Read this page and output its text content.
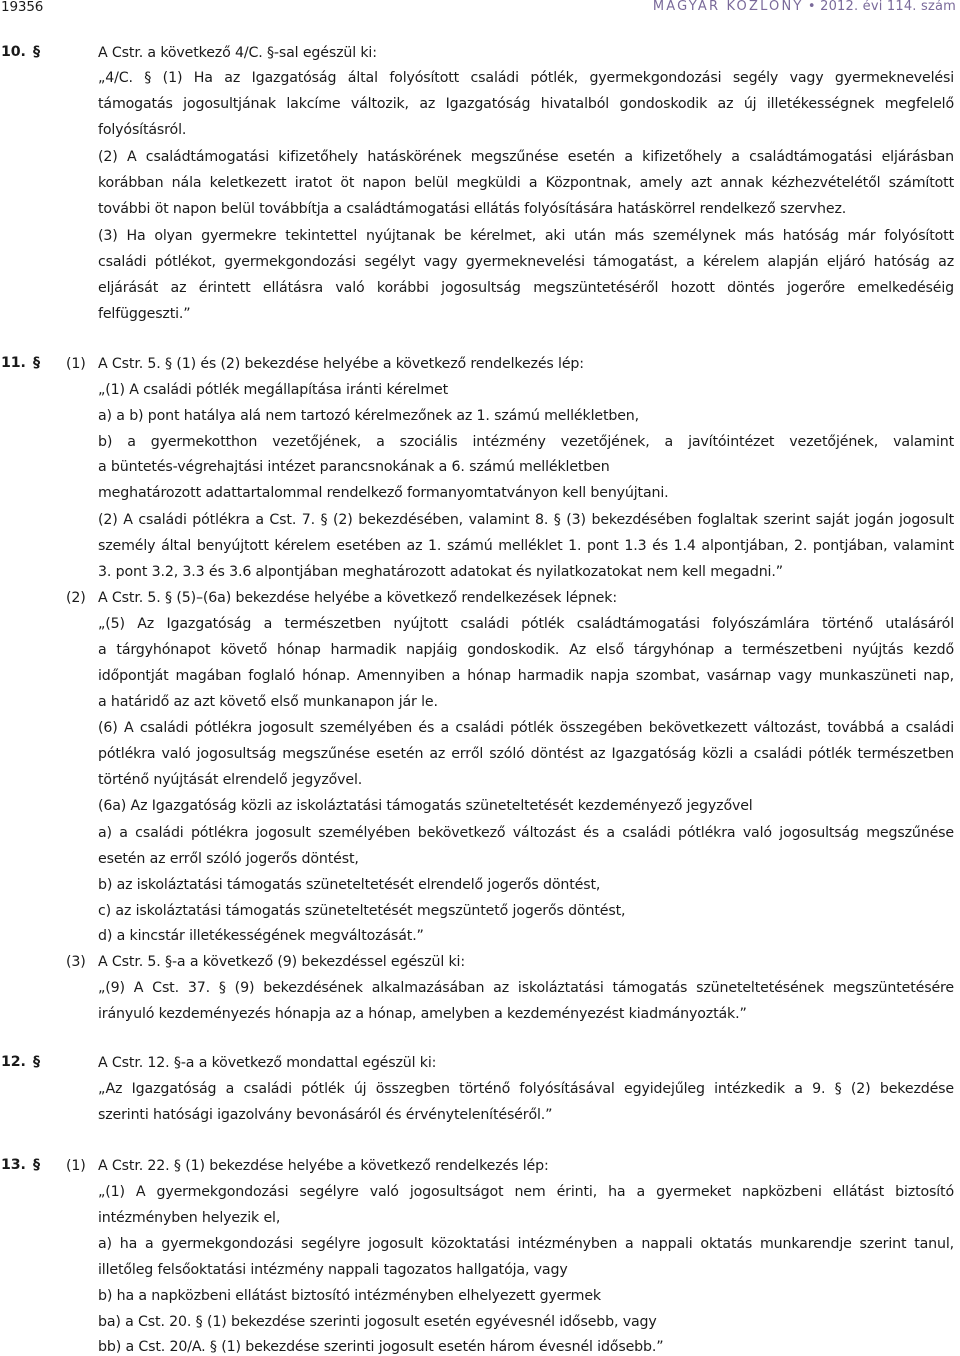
19356	MAGYAR KÖZLÖNY • 2012. évi 114. szám
10. §	A Cstr. a következő 4/C. §-sal egészül ki:
„4/C. § (1) Ha az Igazgatóság által folyósított családi pótlék, gyermekgondozási segély vagy gyermeknevelési
támogatás jogosultjának lakcíme változik, az Igazgatóság hivatalból gondoskodik az új illetékességnek megfelelő
folyósításról.
(2) A családtámogatási kifizetőhely hatáskörének megszűnése esetén a kifizetőhely a családtámogatási eljárásban
korábban nála keletkezett iratot öt napon belül megküldi a Központnak, amely azt annak kézhezvételétől számított
további öt napon belül továbbítja a családtámogatási ellátás folyósítására hatáskörrel rendelkező szervhez.
(3) Ha olyan gyermekre tekintettel nyújtanak be kérelmet, aki után más személynek más hatóság már folyósított
családi pótlékot, gyermekgondozási segélyt vagy gyermeknevelési támogatást, a kérelem alapján eljáró hatóság az
eljárását az érintett ellátásra való korábbi jogosultság megszüntetéséről hozott döntés jogerőre emelkedéséig
felfüggeszti.”
11. § (1) A Cstr. 5. § (1) és (2) bekezdése helyébe a következő rendelkezés lép:
„(1) A családi pótlék megállapítása iránti kérelmet
a) a b) pont hatálya alá nem tartozó kérelmezőnek az 1. számú mellékletben,
b) a gyermekotthon vezetőjének, a szociális intézmény vezetőjének, a javítóintézet vezetőjének, valamint
a büntetés-végrehajtási intézet parancsnokának a 6. számú mellékletben
meghatározott adattartalommal rendelkező formanyomtatványon kell benyújtani.
(2) A családi pótlékra a Cst. 7. § (2) bekezdésében, valamint 8. § (3) bekezdésében foglaltak szerint saját jogán jogosult
személy által benyújtott kérelem esetében az 1. számú melléklet 1. pont 1.3 és 1.4 alpontjában, 2. pontjában, valamint
3. pont 3.2, 3.3 és 3.6 alpontjában meghatározott adatokat és nyilatkozatokat nem kell megadni.”
(2) A Cstr. 5. § (5)–(6a) bekezdése helyébe a következő rendelkezések lépnek:
„(5) Az Igazgatóság a természetben nyújtott családi pótlék családtámogatási folyószámlára történő utalásáról
a tárgyhónapot követő hónap harmadik napjáig gondoskodik. Az első tárgyhónap a természetbeni nyújtás kezdő
időpontját magában foglaló hónap. Amennyiben a hónap harmadik napja szombat, vasárnap vagy munkaszüneti nap,
a határidő az azt követő első munkanapon jár le.
(6) A családi pótlékra jogosult személyében és a családi pótlék összegében bekövetkezett változást, továbbá a családi
pótlékra való jogosultság megszűnése esetén az erről szóló döntést az Igazgatóság közli a családi pótlék természetben
történő nyújtását elrendelő jegyzővel.
(6a) Az Igazgatóság közli az iskoláztatási támogatás szüneteltetését kezdeményező jegyzővel
a) a családi pótlékra jogosult személyében bekövetkező változást és a családi pótlékra való jogosultság megszűnése
esetén az erről szóló jogerős döntést,
b) az iskoláztatási támogatás szüneteltetését elrendelő jogerős döntést,
c) az iskoláztatási támogatás szüneteltetését megszüntető jogerős döntést,
d) a kincstár illetékességének megváltozását.”
(3) A Cstr. 5. §-a a következő (9) bekezdéssel egészül ki:
„(9) A Cst. 37. § (9) bekezdésének alkalmazásában az iskoláztatási támogatás szüneteltetésének megszüntetésére
irányuló kezdeményezés hónapja az a hónap, amelyben a kezdeményezést kiadmányozták.”
12. §	A Cstr. 12. §-a a következő mondattal egészül ki:
„Az Igazgatóság a családi pótlék új összegben történő folyósításával egyidejűleg intézkedik a 9. § (2) bekezdése
szerinti hatósági igazolvány bevonásáról és érvénytelenítéséről.”
13. § (1) A Cstr. 22. § (1) bekezdése helyébe a következő rendelkezés lép:
„(1) A gyermekgondozási segélyre való jogosultságot nem érinti, ha a gyermeket napközbeni ellátást biztosító
intézményben helyezik el,
a) ha a gyermekgondozási segélyre jogosult közoktatási intézményben a nappali oktatás munkarendje szerint tanul,
illetőleg felsőoktatási intézmény nappali tagozatos hallgatója, vagy
b) ha a napközbeni ellátást biztosító intézményben elhelyezett gyermek
ba) a Cst. 20. § (1) bekezdése szerinti jogosult esetén egyévesnél idősebb, vagy
bb) a Cst. 20/A. § (1) bekezdése szerinti jogosult esetén három évesnél idősebb.”
